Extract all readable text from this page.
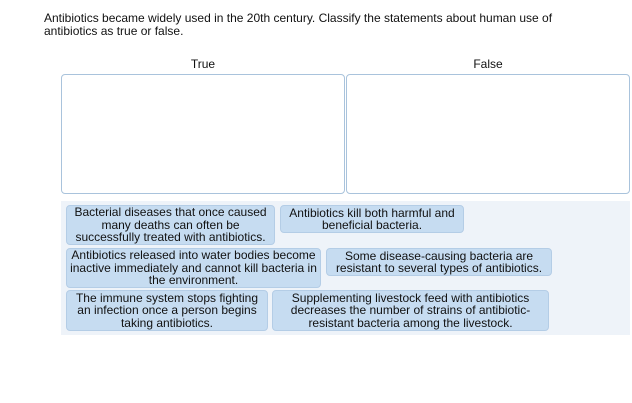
Antibiotics became widely used in the 20th century. Classify the statements about human use of antibiotics as true or false.

True	False
Bacterial diseases that once caused many deaths can often be successfully treated with antibiotics.
Antibiotics kill both harmful and beneficial bacteria.
Antibiotics released into water bodies become inactive immediately and cannot kill bacteria in the environment.
Some disease-causing bacteria are resistant to several types of antibiotics.
The immune system stops fighting an infection once a person begins taking antibiotics.
Supplementing livestock feed with antibiotics decreases the number of strains of antibiotic-resistant bacteria among the livestock.
